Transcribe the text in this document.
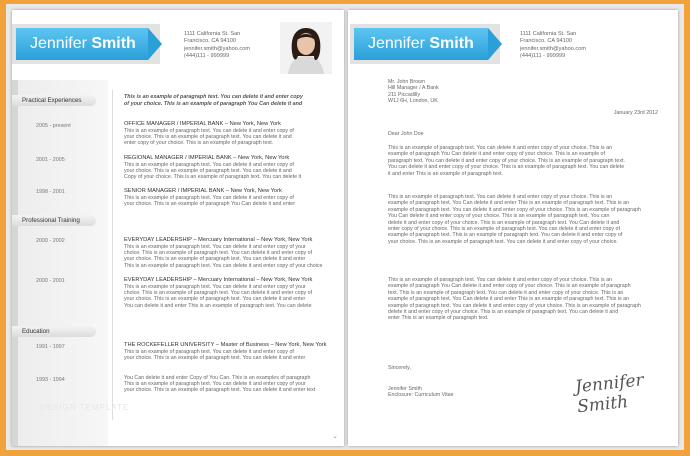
Jennifer Smith
1111 California St. San
Francisco, CA 94100
jennifer.smith@yahoo.com
(444)111 - 999999
Practical Experiences
Professional Training
Education
2005 - present
2001 - 2005
1998 - 2001
2000 - 2002
2000 - 2001
1991 - 1997
1993 - 1994
This is an example of paragraph text. You can delete it and enter copy
of your choice. This is an example of paragraph You Can delete it and
OFFICE MANAGER / IMPERIAL BANK – New York, New York
This is an example of paragraph text. You can delete it and enter copy of
your choice. This is an example of paragraph text. You can delete it and
enter copy of your choice. This is an example of paragraph text.
REGIONAL MANAGER / IMPERIAL BANK – New York, New York
This is an example of paragraph text. You can delete it and enter copy of
your choice. This is an example of paragraph text. You can delete it and
Copy of your choice. This is an example of paragraph text. You can delete it
SENIOR MANAGER / IMPERIAL BANK – New York, New York
This is an example of paragraph text. You can delete it and enter copy of
your choice. This is an example of paragraph You Can delete it and enter
EVERYDAY LEADERSHIP – Mercuary International – New York, New York
This is an example of paragraph text. You can delete it and enter copy of your
choice. This is an example of paragraph text. You can delete it and enter copy of
your choice. This is an example of paragraph text. You can delete it and enter
This is an example of paragraph text. You can delete it and enter copy of your choice
EVERYDAY LEADERSHIP – Mercuary International – New York, New York
This is an example of paragraph text. You can delete it and enter copy of your
choice. This is an example of paragraph text. You can delete it and enter copy of
your choice. This is an example of paragraph text. You can delete it and enter
You can delete it and enter This is an example of paragraph text. You can delete
THE ROCKEFELLER UNIVERSITY – Master of Business – New York, New York
This is an example of paragraph text. You can delete it and enter copy of
your choice. This is an example of paragraph text. You can delete it and enter
You Can delete it and enter Copy of You Can. This is an examples of paragraph
This is an example of paragraph text. You can delete it and enter copy of your
your choice. This is an example of paragraph text. You can delete it and enter text
DESIGN TEMPLATE
⌄
Jennifer Smith
1111 California St. San
Francisco, CA 94100
jennifer.smith@yahoo.com
(444)111 - 999999
Mr. John Brown
Hill Manager / A Bank
211 Piccadilly
W1J 6H, London, UK
January 23rd 2012
Dear John Doe
This is an example of paragraph text. You can delete it and enter copy of your choice. This is an
example of paragraph You Can delete it and enter copy of your choice. This is an example of
paragraph text. You can delete it and enter copy of your choice. This is an example of paragraph text.
You can delete it and enter copy of your choice. This is an example of paragraph text. You can delete
it and enter This is an example of paragraph text.
This is an example of paragraph text. You can delete it and enter copy of your choice. This is an
example of paragraph text. You Can delete it and enter This is an example of paragraph text. This is an
example of paragraph text. You can delete it and enter copy of your choice. This is an example of paragraph
You Can delete it and enter copy of your choice. This is an example of paragraph text. You can
delete it and enter copy of your choice. This is an example of paragraph text. You Can delete it and
enter copy of your choice. This is an example of paragraph text. You can delete it and enter copy of
example of paragraph text. This is an example of paragraph text. You can delete it and enter copy of
your choice. This is an example of paragraph text. You can delete it and enter copy of your choice.
This is an example of paragraph text. You can delete it and enter copy of your choice. This is an
example of paragraph You Can delete it and enter copy of your choice. This is an example of paragraph
text. This is an example of paragraph text. You can delete it and enter copy of your choice. This is an
example of paragraph text. You Can delete it and enter This is an example of paragraph text. This is an
example of paragraph text. You can delete it and enter copy of your choice. This is an example of paragraph
delete it and enter copy of your choice. This is an example of paragraph text. You can delete it and
enter This is an example of paragraph text.
Sincerely,
Jennifer Smith
Enclosure: Curriculum Vitae	Jennifer Smith
